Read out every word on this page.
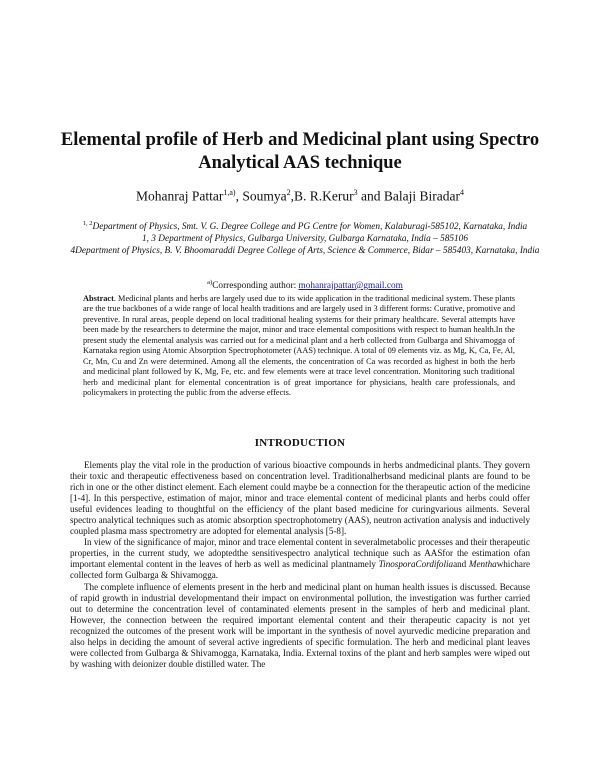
Elemental profile of Herb and Medicinal plant using Spectro Analytical AAS technique
Mohanraj Pattar$^{1,a)}$, Soumya$^2$,B. R.Kerur$^3$ and Balaji Biradar$^4$
$^{1, 2}$Department of Physics, Smt. V. G. Degree College and PG Centre for Women, Kalaburagi-585102, Karnataka, India
1, 3 Department of Physics, Gulbarga University, Gulbarga Karnataka, India – 585106
4Department of Physics, B. V. Bhoomaraddi Degree College of Arts, Science & Commerce, Bidar – 585403, Karnataka, India
$^{a)}$Corresponding author: mohanrajpattar@gmail.com

Abstract. Medicinal plants and herbs are largely used due to its wide application in the traditional medicinal system. These plants are the true backbones of a wide range of local health traditions and are largely used in 3 different forms: Curative, promotive and preventive. In rural areas, people depend on local traditional healing systems for their primary healthcare. Several attempts have been made by the researchers to determine the major, minor and trace elemental compositions with respect to human health.In the present study the elemental analysis was carried out for a medicinal plant and a herb collected from Gulbarga and Shivamogga of Karnataka region using Atomic Absorption Spectrophotometer (AAS) technique. A total of 09 elements viz. as Mg, K, Ca, Fe, Al, Cr, Mn, Cu and Zn were determined. Among all the elements, the concentration of Ca was recorded as highest in both the herb and medicinal plant followed by K, Mg, Fe, etc. and few elements were at trace level concentration. Monitoring such traditional herb and medicinal plant for elemental concentration is of great importance for physicians, health care professionals, and policymakers in protecting the public from the adverse effects.

INTRODUCTION

Elements play the vital role in the production of various bioactive compounds in herbs andmedicinal plants. They govern their toxic and therapeutic effectiveness based on concentration level. Traditionalherbsand medicinal plants are found to be rich in one or the other distinct element. Each element could maybe be a connection for the therapeutic action of the medicine [1-4]. In this perspective, estimation of major, minor and trace elemental content of medicinal plants and herbs could offer useful evidences leading to thoughtful on the efficiency of the plant based medicine for curingvarious ailments. Several spectro analytical techniques such as atomic absorption spectrophotometry (AAS), neutron activation analysis and inductively coupled plasma mass spectrometry are adopted for elemental analysis [5-8].

In view of the significance of major, minor and trace elemental content in severalmetabolic processes and their therapeutic properties, in the current study, we adoptedthe sensitivespectro analytical technique such as AASfor the estimation ofan important elemental content in the leaves of herb as well as medicinal plantnamely TinosporaCordifoliaand Menthawhichare collected form Gulbarga & Shivamogga.

The complete influence of elements present in the herb and medicinal plant on human health issues is discussed. Because of rapid growth in industrial developmentand their impact on environmental pollution, the investigation was further carried out to determine the concentration level of contaminated elements present in the samples of herb and medicinal plant. However, the connection between the required important elemental content and their therapeutic capacity is not yet recognized the outcomes of the present work will be important in the synthesis of novel ayurvedic medicine preparation and also helps in deciding the amount of several active ingredients of specific formulation. The herb and medicinal plant leaves were collected from Gulbarga & Shivamogga, Karnataka, India. External toxins of the plant and herb samples were wiped out by washing with deionizer double distilled water. The
